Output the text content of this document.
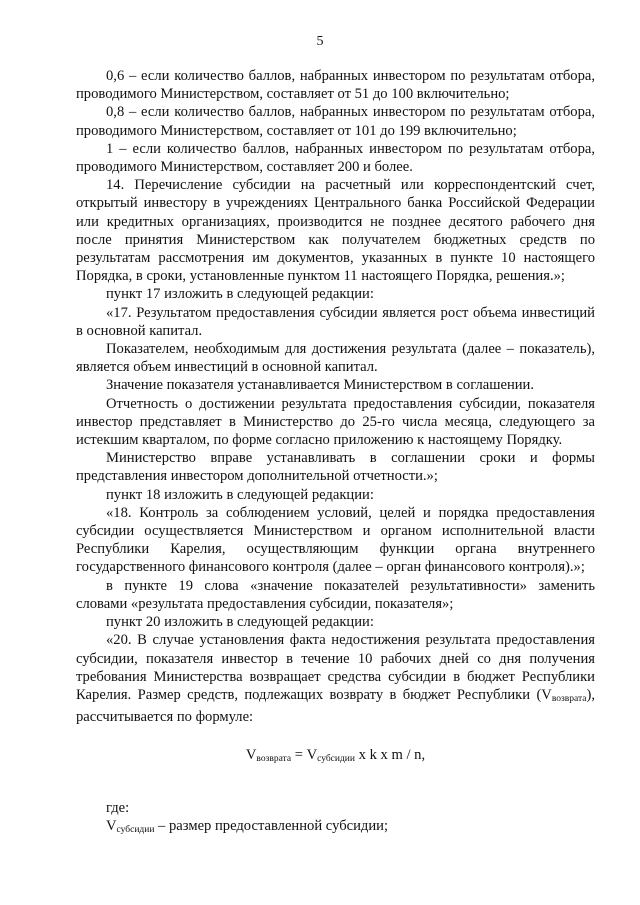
5

0,6 – если количество баллов, набранных инвестором по результатам отбора, проводимого Министерством, составляет от 51 до 100 включительно;

0,8 – если количество баллов, набранных инвестором по результатам отбора, проводимого Министерством, составляет от 101 до 199 включительно;

1 – если количество баллов, набранных инвестором по результатам отбора, проводимого Министерством, составляет 200 и более.

14. Перечисление субсидии на расчетный или корреспондентский счет, открытый инвестору в учреждениях Центрального банка Российской Федерации или кредитных организациях, производится не позднее десятого рабочего дня после принятия Министерством как получателем бюджетных средств по результатам рассмотрения им документов, указанных в пункте 10 настоящего Порядка, в сроки, установленные пунктом 11 настоящего Порядка, решения.»;

пункт 17 изложить в следующей редакции:

«17. Результатом предоставления субсидии является рост объема инвестиций в основной капитал.

Показателем, необходимым для достижения результата (далее – показатель), является объем инвестиций в основной капитал.

Значение показателя устанавливается Министерством в соглашении.

Отчетность о достижении результата предоставления субсидии, показателя инвестор представляет в Министерство до 25-го числа месяца, следующего за истекшим кварталом, по форме согласно приложению к настоящему Порядку.

Министерство вправе устанавливать в соглашении сроки и формы представления инвестором дополнительной отчетности.»;

пункт 18 изложить в следующей редакции:

«18. Контроль за соблюдением условий, целей и порядка предоставления субсидии осуществляется Министерством и органом исполнительной власти Республики Карелия, осуществляющим функции органа внутреннего государственного финансового контроля (далее – орган финансового контроля).»;

в пункте 19 слова «значение показателей результативности» заменить словами «результата предоставления субсидии, показателя»;

пункт 20 изложить в следующей редакции:

«20. В случае установления факта недостижения результата предоставления субсидии, показателя инвестор в течение 10 рабочих дней со дня получения требования Министерства возвращает средства субсидии в бюджет Республики Карелия. Размер средств, подлежащих возврату в бюджет Республики $(V_{возврата})$, рассчитывается по формуле:

$V_{возврата} = V_{субсидии}$ x k x m / n,

где:

$V_{субсидии}$ – размер предоставленной субсидии;
